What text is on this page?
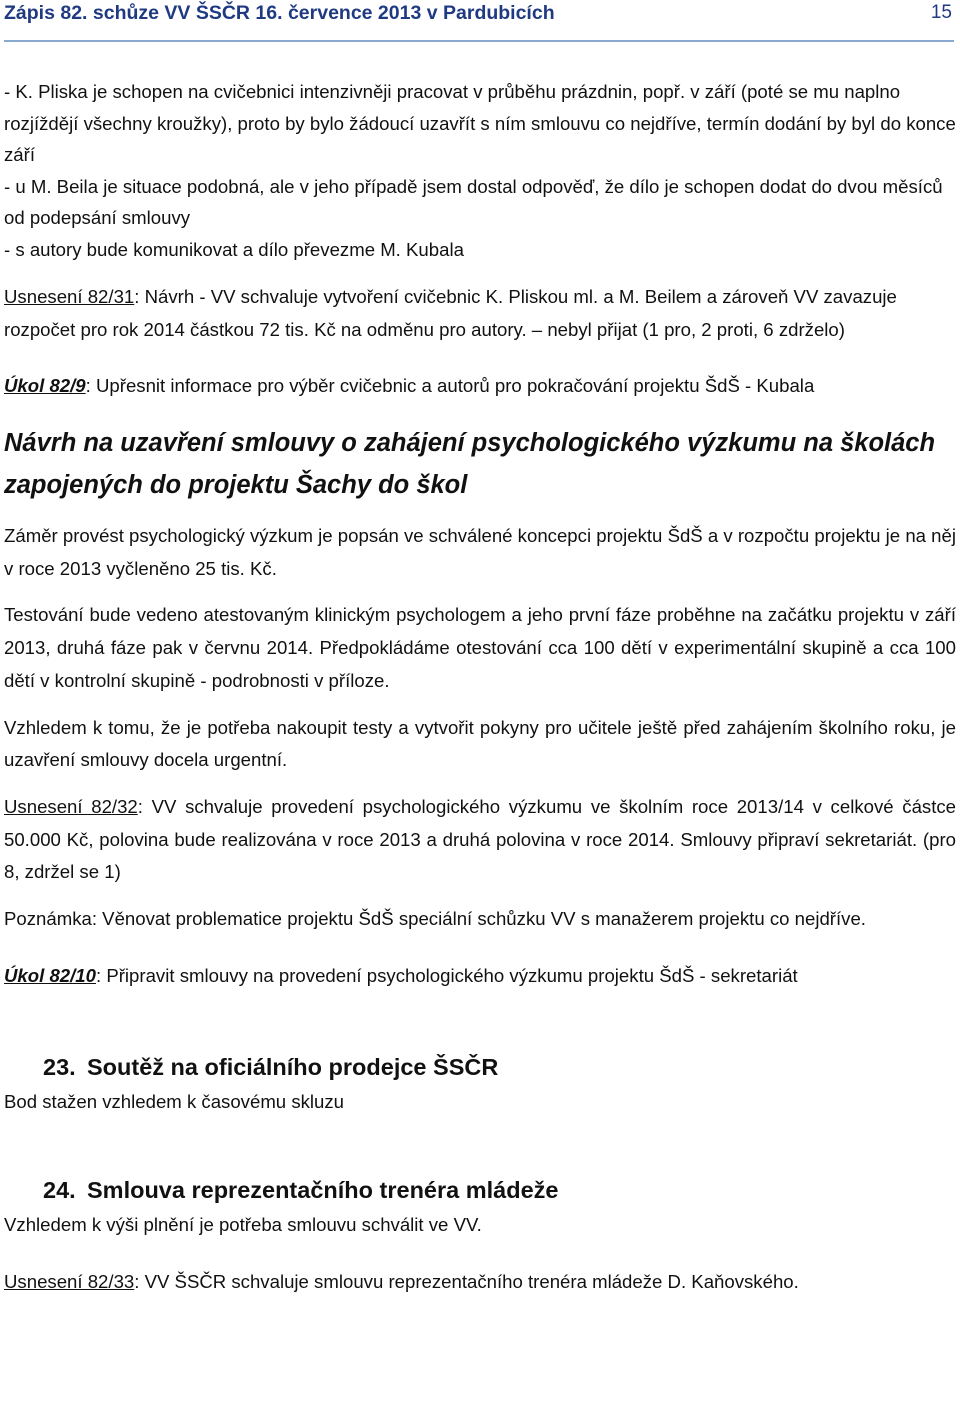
Zápis 82. schůze VV ŠSČR 16. července 2013 v Pardubicích	15

- K. Pliska je schopen na cvičebnici intenzivněji pracovat v průběhu prázdnin, popř. v září (poté se mu naplno rozjíždějí všechny kroužky), proto by bylo žádoucí uzavřít s ním smlouvu co nejdříve, termín dodání by byl do konce září

- u M. Beila je situace podobná, ale v jeho případě jsem dostal odpověď, že dílo je schopen dodat do dvou měsíců od podepsání smlouvy

- s autory bude komunikovat a dílo převezme M. Kubala

Usnesení 82/31: Návrh - VV schvaluje vytvoření cvičebnic K. Pliskou ml. a M. Beilem a zároveň VV zavazuje rozpočet pro rok 2014 částkou 72 tis. Kč na odměnu pro autory. – nebyl přijat (1 pro, 2 proti, 6 zdrželo)

Úkol 82/9: Upřesnit informace pro výběr cvičebnic a autorů pro pokračování projektu ŠdŠ - Kubala

Návrh na uzavření smlouvy o zahájení psychologického výzkumu na školách zapojených do projektu Šachy do škol

Záměr provést psychologický výzkum je popsán ve schválené koncepci projektu ŠdŠ a v rozpočtu projektu je na něj v roce 2013 vyčleněno 25 tis. Kč.

Testování bude vedeno atestovaným klinickým psychologem a jeho první fáze proběhne na začátku projektu v září 2013, druhá fáze pak v červnu 2014. Předpokládáme otestování cca 100 dětí v experimentální skupině a cca 100 dětí v kontrolní skupině - podrobnosti v příloze.

Vzhledem k tomu, že je potřeba nakoupit testy a vytvořit pokyny pro učitele ještě před zahájením školního roku, je uzavření smlouvy docela urgentní.

Usnesení 82/32: VV schvaluje provedení psychologického výzkumu ve školním roce 2013/14 v celkové částce 50.000 Kč, polovina bude realizována v roce 2013 a druhá polovina v roce 2014. Smlouvy připraví sekretariát. (pro 8, zdržel se 1)

Poznámka: Věnovat problematice projektu ŠdŠ speciální schůzku VV s manažerem projektu co nejdříve.

Úkol 82/10: Připravit smlouvy na provedení psychologického výzkumu projektu ŠdŠ - sekretariát

23. Soutěž na oficiálního prodejce ŠSČR

Bod stažen vzhledem k časovému skluzu

24. Smlouva reprezentačního trenéra mládeže

Vzhledem k výši plnění je potřeba smlouvu schválit ve VV.

Usnesení 82/33: VV ŠSČR schvaluje smlouvu reprezentačního trenéra mládeže D. Kaňovského.
